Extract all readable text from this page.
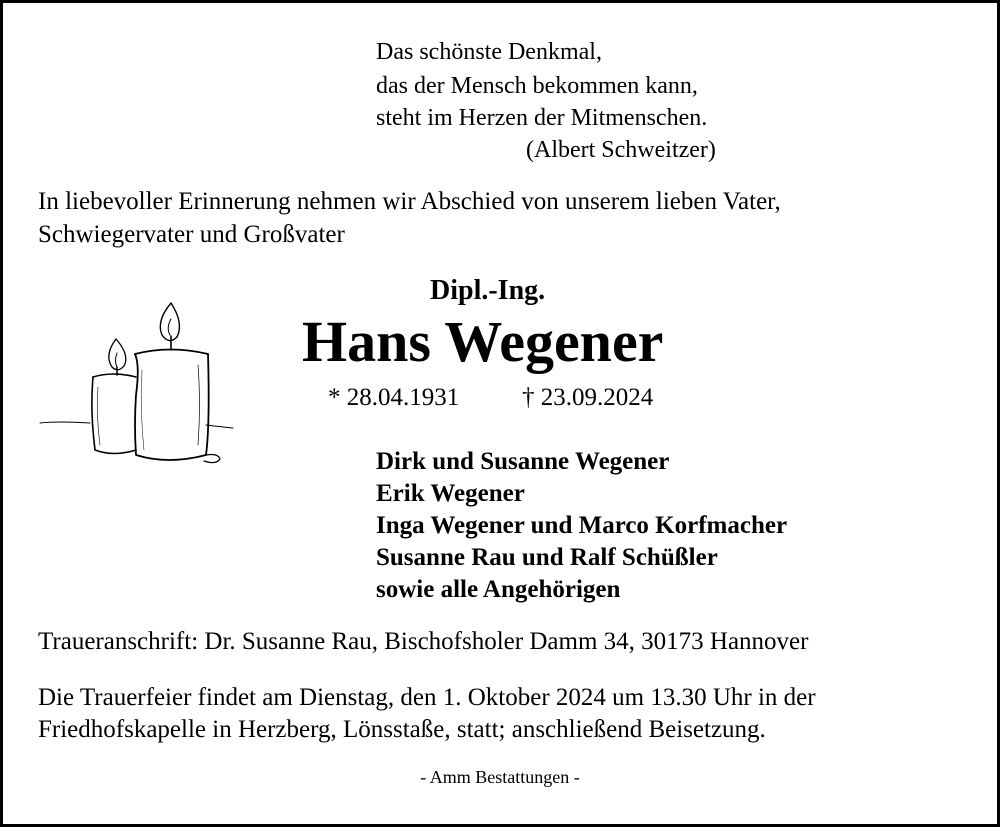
Das schönste Denkmal,
das der Mensch bekommen kann,
steht im Herzen der Mitmenschen.
(Albert Schweitzer)
In liebevoller Erinnerung nehmen wir Abschied von unserem lieben Vater,
Schwiegervater und Großvater
Dipl.-Ing.
Hans Wegener
* 28.04.1931	† 23.09.2024
Dirk und Susanne Wegener
Erik Wegener
Inga Wegener und Marco Korfmacher
Susanne Rau und Ralf Schüßler
sowie alle Angehörigen
Traueranschrift: Dr. Susanne Rau, Bischofsholer Damm 34, 30173 Hannover
Die Trauerfeier findet am Dienstag, den 1. Oktober 2024 um 13.30 Uhr in der
Friedhofskapelle in Herzberg, Lönsstaße, statt; anschließend Beisetzung.
- Amm Bestattungen -
